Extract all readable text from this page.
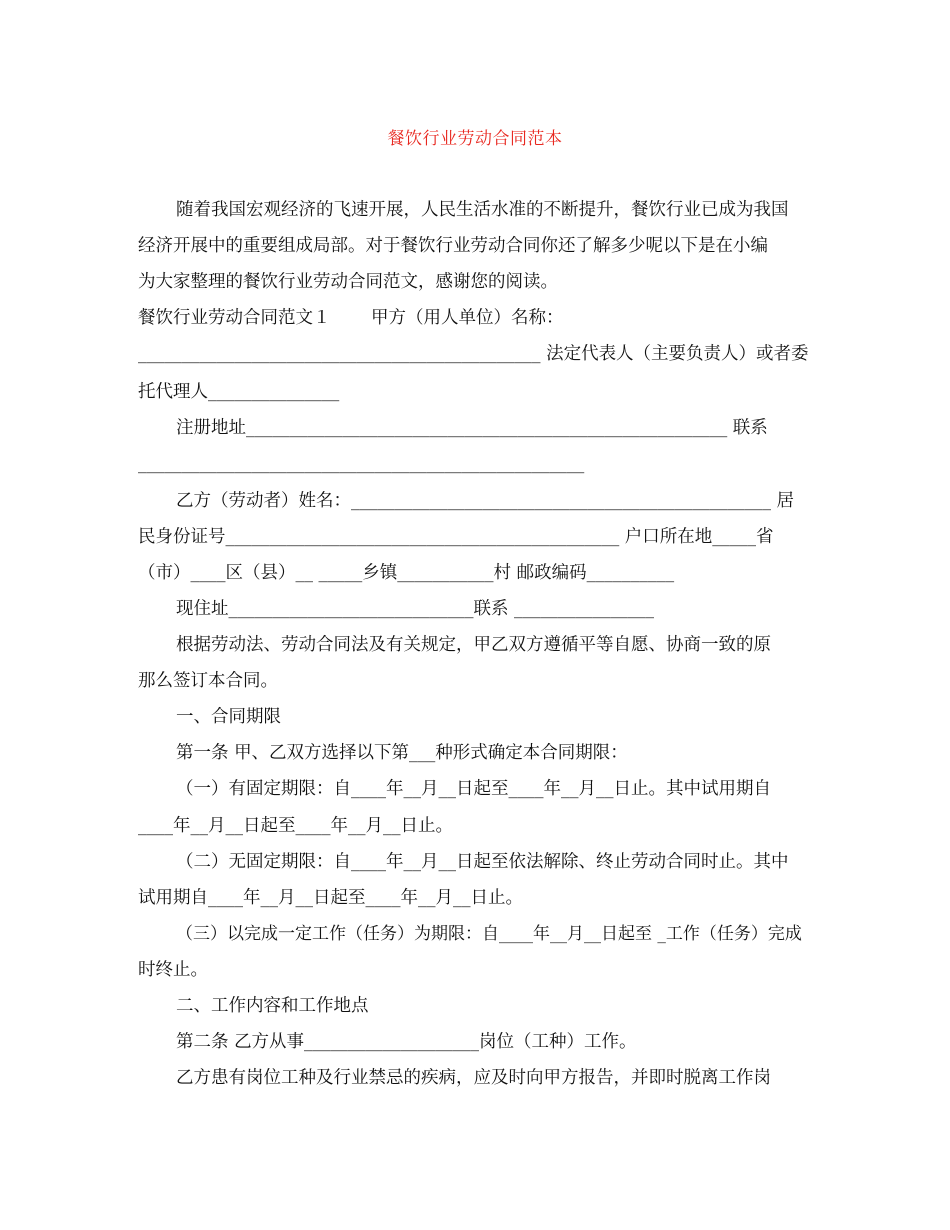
餐饮行业劳动合同范本
随着我国宏观经济的飞速开展，人民生活水准的不断提升，餐饮行业已成为我国
经济开展中的重要组成局部。对于餐饮行业劳动合同你还了解多少呢以下是在小编
为大家整理的餐饮行业劳动合同范文，感谢您的阅读。
餐饮行业劳动合同范文１　　 甲方（用人单位）名称：
______________________________________________ 法定代表人（主要负责人）或者委
托代理人_______________
注册地址_______________________________________________________ 联系
___________________________________________________
乙方（劳动者）姓名：________________________________________________ 居
民身份证号_____________________________________________ 户口所在地_____省
（市）____区（县）__ _____乡镇___________村 邮政编码__________
现住址____________________________联系 ________________
根据劳动法、劳动合同法及有关规定，甲乙双方遵循平等自愿、协商一致的原
那么签订本合同。
一、合同期限
第一条 甲、乙双方选择以下第___种形式确定本合同期限：
（一）有固定期限：自____年__月__日起至____年__月__日止。其中试用期自
____年__月__日起至____年__月__日止。
（二）无固定期限：自____年__月__日起至依法解除、终止劳动合同时止。其中
试用期自____年__月__日起至____年__月__日止。
（三）以完成一定工作（任务）为期限：自____年__月__日起至 _工作（任务）完成
时终止。
二、工作内容和工作地点
第二条 乙方从事____________________岗位（工种）工作。
乙方患有岗位工种及行业禁忌的疾病，应及时向甲方报告，并即时脱离工作岗
